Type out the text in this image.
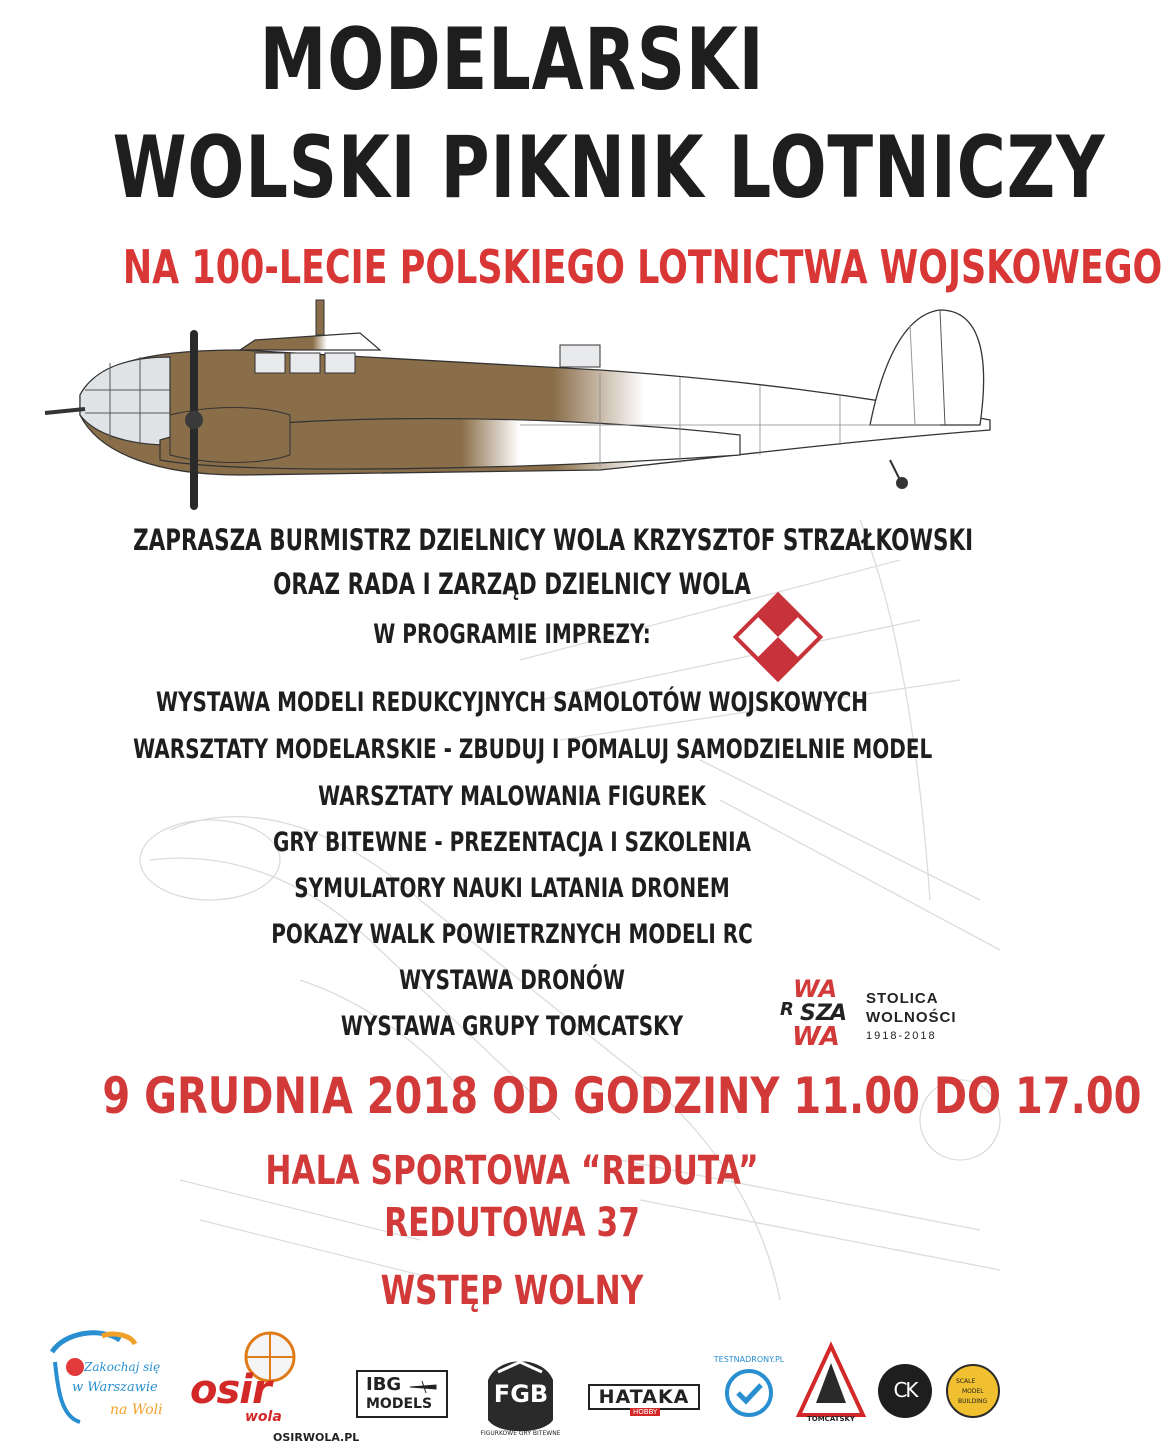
MODELARSKI
WOLSKI PIKNIK LOTNICZY
NA 100-LECIE POLSKIEGO LOTNICTWA WOJSKOWEGO
ZAPRASZA BURMISTRZ DZIELNICY WOLA KRZYSZTOF STRZAŁKOWSKI
ORAZ RADA I ZARZĄD DZIELNICY WOLA
W PROGRAMIE IMPREZY:
WYSTAWA MODELI REDUKCYJNYCH SAMOLOTÓW WOJSKOWYCH
WARSZTATY MODELARSKIE - ZBUDUJ I POMALUJ SAMODZIELNIE MODEL
WARSZTATY MALOWANIA FIGUREK
GRY BITEWNE - PREZENTACJA I SZKOLENIA
SYMULATORY NAUKI LATANIA DRONEM
POKAZY WALK POWIETRZNYCH MODELI RC
WYSTAWA DRONÓW
WYSTAWA GRUPY TOMCATSKY
WA
R SZ
A
WA
STOLICA
WOLNOŚCI
1918-2018
9 GRUDNIA 2018 OD GODZINY 11.00 DO 17.00
HALA SPORTOWA “REDUTA”
REDUTOWA 37
WSTĘP WOLNY
Zakochaj się
w Warszawie
na Woli osir
wola
OSIRWOLA.PL
IBG
MODELS	FGB
FIGURKOWE GRY BITEWNE
HATAKA
HOBBY
TESTNADRONY.PL
TOMCATSKY
CK	SCALE
MODEL
BUILDING
